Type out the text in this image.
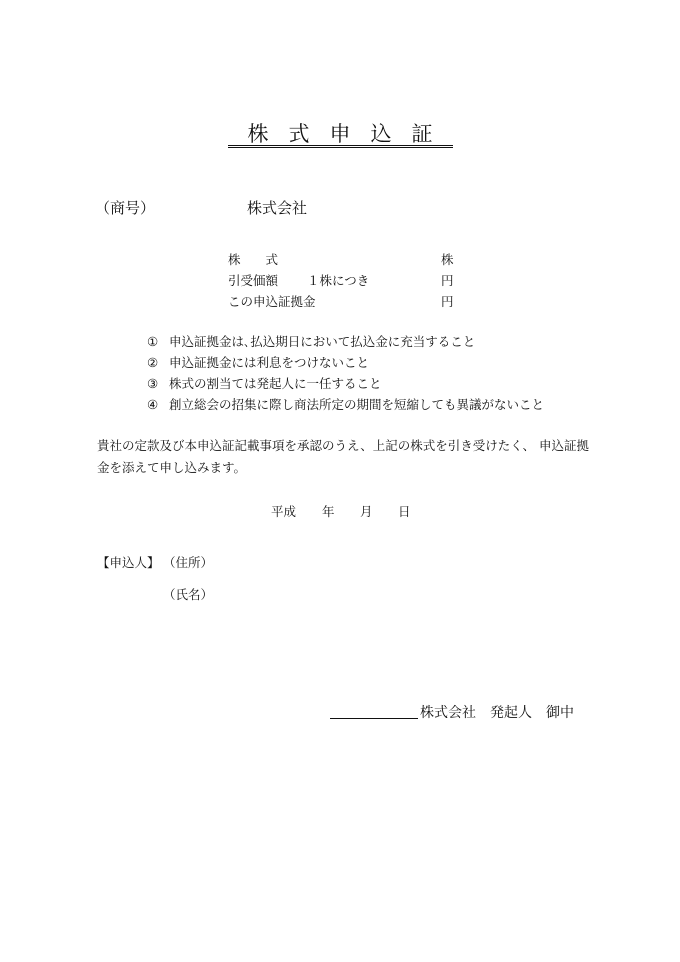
株式申込証
（商号）	株式会社
株　　式	株
引受価額 １株につき	円
この申込証拠金	円
① 申込証拠金は､払込期日において払込金に充当すること
② 申込証拠金には利息をつけないこと
③ 株式の割当ては発起人に一任すること
④ 創立総会の招集に際し商法所定の期間を短縮しても異議がないこと
貴社の定款及び本申込証記載事項を承認のうえ、上記の株式を引き受けたく、 申込証拠金を添えて申し込みます。
平成 年 月 日
【申込人】 （住所）
（氏名）
株式会社　発起人　御中
